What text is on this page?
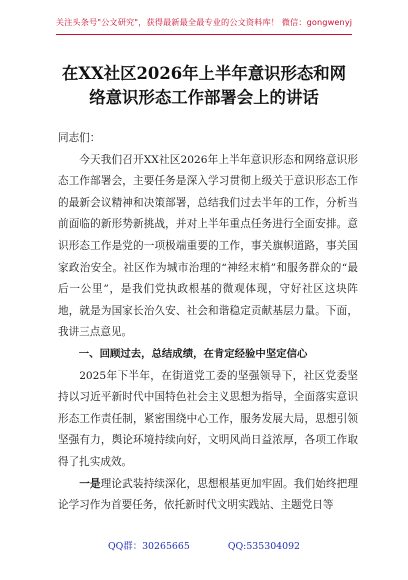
关注头条号"公文研究"，获得最新最全最专业的公文资料库！ 微信：gongwenyj
在XX社区2026年上半年意识形态和网络意识形态工作部署会上的讲话

同志们：

今天我们召开XX社区2026年上半年意识形态和网络意识形态工作部署会，主要任务是深入学习贯彻上级关于意识形态工作的最新会议精神和决策部署，总结我们过去半年的工作，分析当前面临的新形势新挑战，并对上半年重点任务进行全面安排。意识形态工作是党的一项极端重要的工作，事关旗帜道路，事关国家政治安全。社区作为城市治理的“神经末梢”和服务群众的“最后一公里”，是我们党执政根基的微观体现，守好社区这块阵地，就是为国家长治久安、社会和谐稳定贡献基层力量。下面，我讲三点意见。

一、回顾过去，总结成绩，在肯定经验中坚定信心

2025年下半年，在街道党工委的坚强领导下，社区党委坚持以习近平新时代中国特色社会主义思想为指导，全面落实意识形态工作责任制，紧密围绕中心工作，服务发展大局，思想引领坚强有力，舆论环境持续向好，文明风尚日益浓厚，各项工作取得了扎实成效。

一是理论武装持续深化，思想根基更加牢固。我们始终把理论学习作为首要任务，依托新时代文明实践站、主题党日等

QQ群：30265665	QQ:535304092
